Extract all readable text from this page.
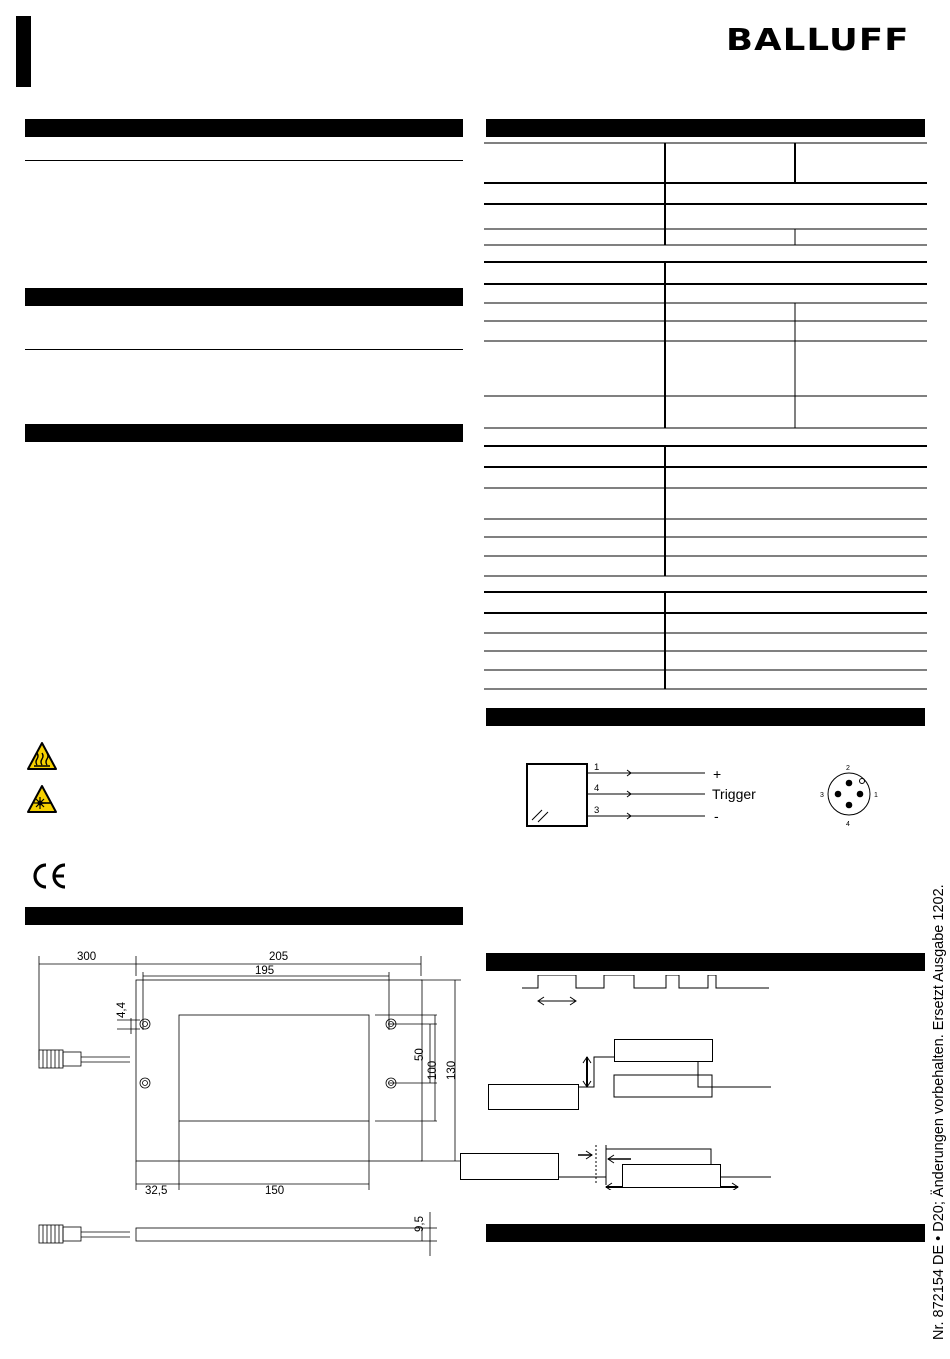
BALLUFF
300	205
195
4,4
50
100 130
32,5	150
9,5
1
4
3
+
Trigger
-
2
3	1
4
Nr. 872154 DE • D20; Änderungen vorbehalten. Ersetzt Ausgabe 1202.
